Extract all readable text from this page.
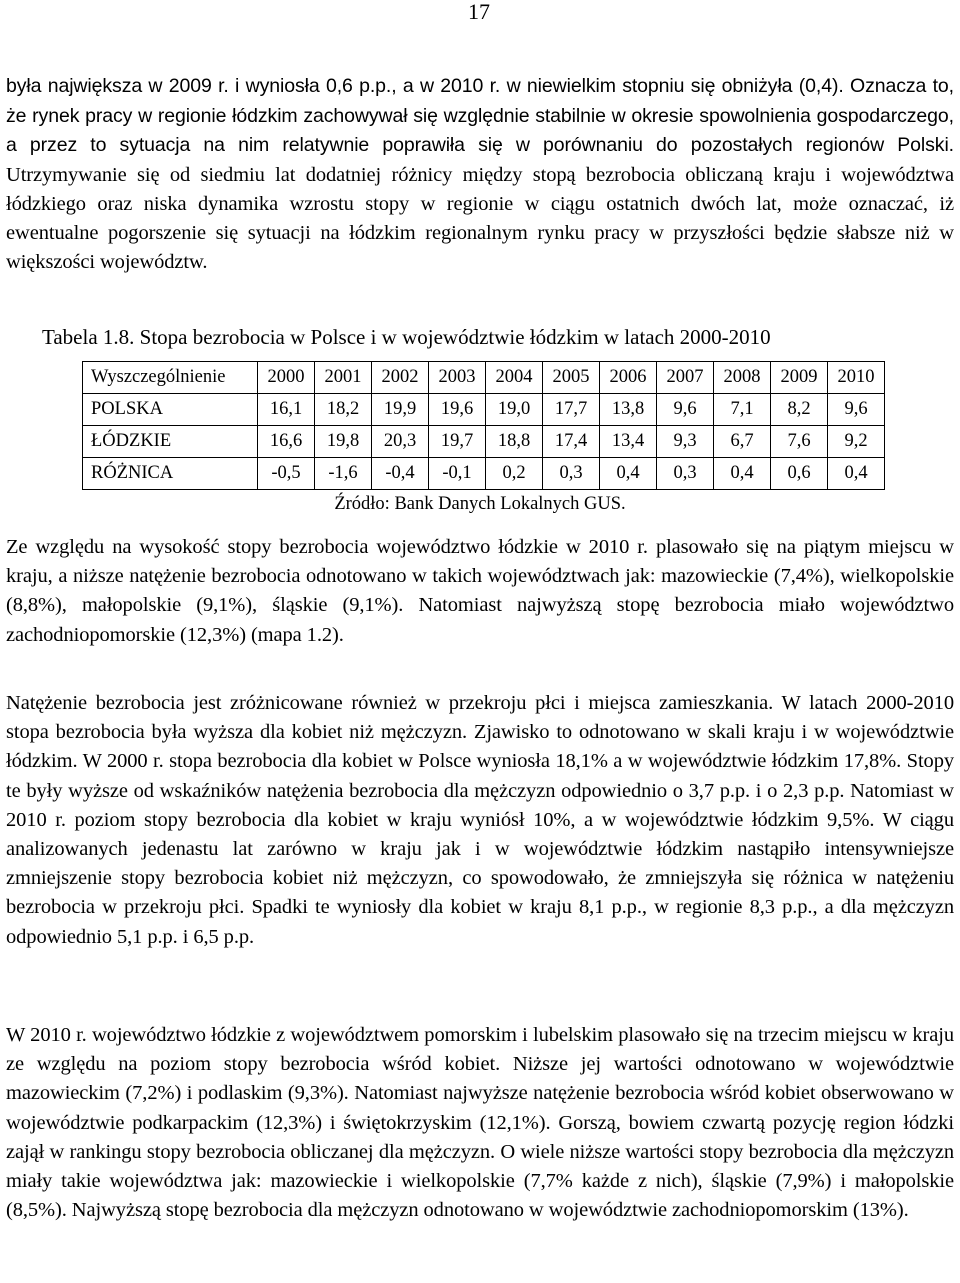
17
była największa w 2009 r. i wyniosła 0,6 p.p., a w 2010 r. w niewielkim stopniu się obniżyła (0,4). Oznacza to, że rynek pracy w regionie łódzkim zachowywał się względnie stabilnie w okresie spowolnienia gospodarczego, a przez to sytuacja na nim relatywnie poprawiła się w porównaniu do pozostałych regionów Polski. Utrzymywanie się od siedmiu lat dodatniej różnicy między stopą bezrobocia obliczaną kraju i województwa łódzkiego oraz niska dynamika wzrostu stopy w regionie w ciągu ostatnich dwóch lat, może oznaczać, iż ewentualne pogorszenie się sytuacji na łódzkim regionalnym rynku pracy w przyszłości będzie słabsze niż w większości województw.
Tabela 1.8. Stopa bezrobocia w Polsce i w województwie łódzkim w latach 2000-2010
Wyszczególnienie	2000	2001	2002	2003	2004	2005	2006	2007	2008	2009	2010
POLSKA	16,1	18,2	19,9	19,6	19,0	17,7	13,8	9,6	7,1	8,2	9,6
ŁÓDZKIE	16,6	19,8	20,3	19,7	18,8	17,4	13,4	9,3	6,7	7,6	9,2
RÓŻNICA	-0,5	-1,6	-0,4	-0,1	0,2	0,3	0,4	0,3	0,4	0,6	0,4
Źródło: Bank Danych Lokalnych GUS.
Ze względu na wysokość stopy bezrobocia województwo łódzkie w 2010 r. plasowało się na piątym miejscu w kraju, a niższe natężenie bezrobocia odnotowano w takich województwach jak: mazowieckie (7,4%), wielkopolskie (8,8%), małopolskie (9,1%), śląskie (9,1%). Natomiast najwyższą stopę bezrobocia miało województwo zachodniopomorskie (12,3%) (mapa 1.2).
Natężenie bezrobocia jest zróżnicowane również w przekroju płci i miejsca zamieszkania. W latach 2000-2010 stopa bezrobocia była wyższa dla kobiet niż mężczyzn. Zjawisko to odnotowano w skali kraju i w województwie łódzkim. W 2000 r. stopa bezrobocia dla kobiet w Polsce wyniosła 18,1% a w województwie łódzkim 17,8%. Stopy te były wyższe od wskaźników natężenia bezrobocia dla mężczyzn odpowiednio o 3,7 p.p. i o 2,3 p.p. Natomiast w 2010 r. poziom stopy bezrobocia dla kobiet w kraju wyniósł 10%, a w województwie łódzkim 9,5%. W ciągu analizowanych jedenastu lat zarówno w kraju jak i w województwie łódzkim nastąpiło intensywniejsze zmniejszenie stopy bezrobocia kobiet niż mężczyzn, co spowodowało, że zmniejszyła się różnica w natężeniu bezrobocia w przekroju płci. Spadki te wyniosły dla kobiet w kraju 8,1 p.p., w regionie 8,3 p.p., a dla mężczyzn odpowiednio 5,1 p.p. i 6,5 p.p.
W 2010 r. województwo łódzkie z województwem pomorskim i lubelskim plasowało się na trzecim miejscu w kraju ze względu na poziom stopy bezrobocia wśród kobiet. Niższe jej wartości odnotowano w województwie mazowieckim (7,2%) i podlaskim (9,3%). Natomiast najwyższe natężenie bezrobocia wśród kobiet obserwowano w województwie podkarpackim (12,3%) i świętokrzyskim (12,1%). Gorszą, bowiem czwartą pozycję region łódzki zajął w rankingu stopy bezrobocia obliczanej dla mężczyzn. O wiele niższe wartości stopy bezrobocia dla mężczyzn miały takie województwa jak: mazowieckie i wielkopolskie (7,7% każde z nich), śląskie (7,9%) i małopolskie (8,5%). Najwyższą stopę bezrobocia dla mężczyzn odnotowano w województwie zachodniopomorskim (13%).
